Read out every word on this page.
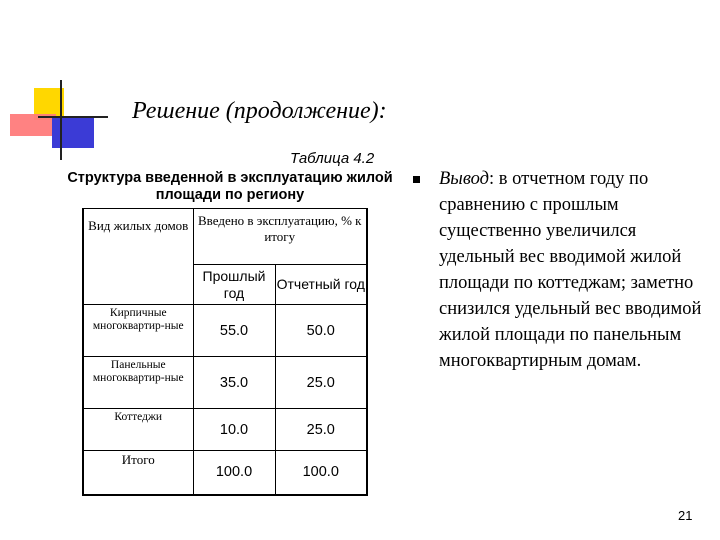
Решение (продолжение):
Таблица 4.2
Структура введенной в эксплуатацию жилой площади по региону
Вид жилых домов	Введено в эксплуатацию, % к итогу	
	Прошлый год	Отчетный год
Кирпичные многоквартир-ные	55.0	50.0
Панельные многоквартир-ные	35.0	25.0
Коттеджи	10.0	25.0
Итого	100.0	100.0
Вывод: в отчетном году по сравнению с прошлым существенно увеличился удельный вес вводимой жилой площади по коттеджам; заметно снизился удельный вес вводимой жилой площади по панельным многоквартирным домам.
21
